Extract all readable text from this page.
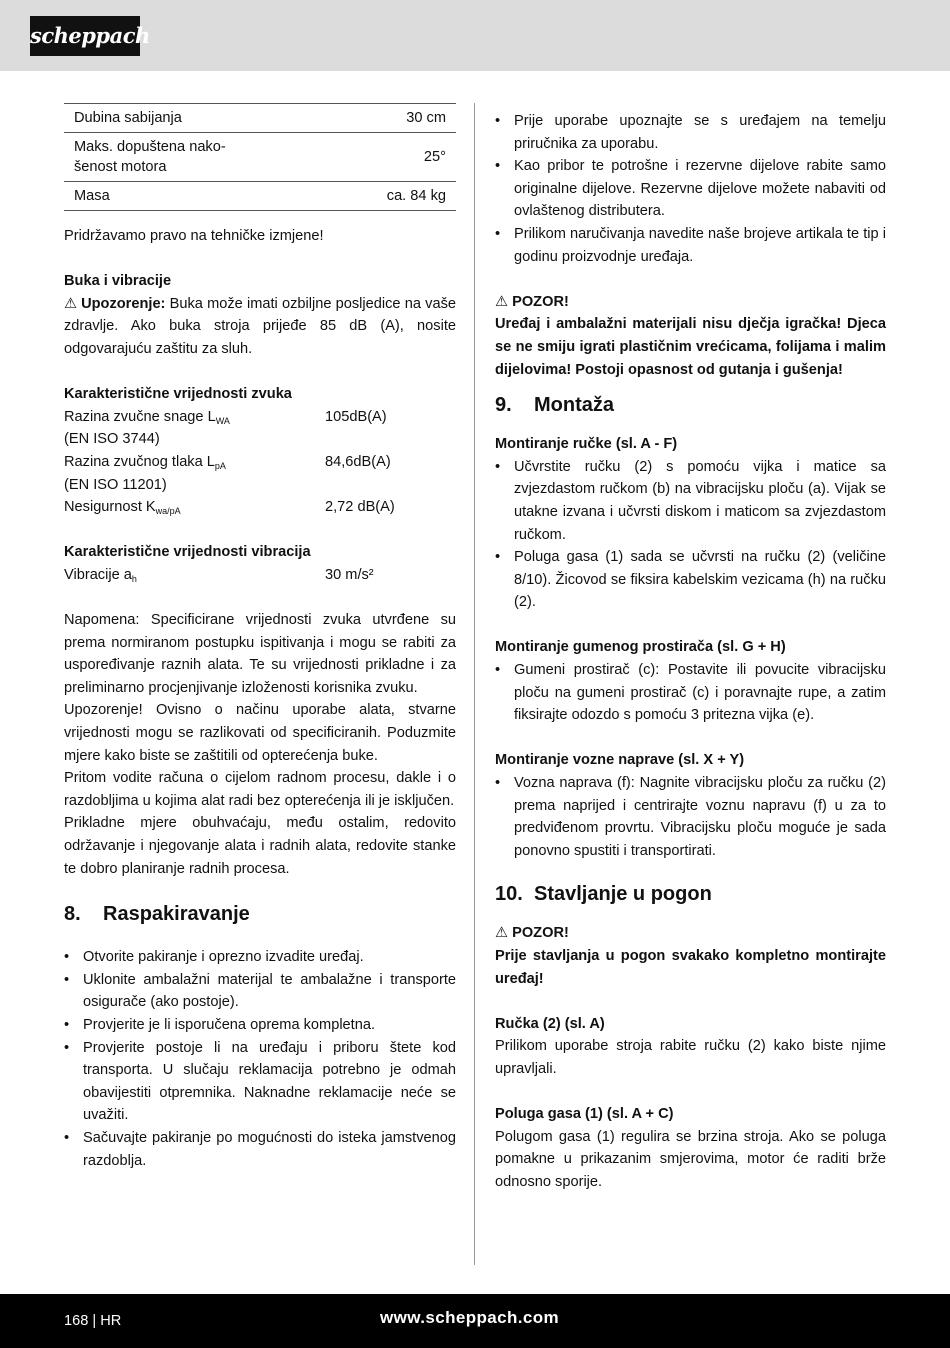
scheppach
Dubina sabijanja	30 cm
Maks. dopuštena nako-
šenost motora	25°
Masa	ca. 84 kg

Pridržavamo pravo na tehničke izmjene!

Buka i vibracije

⚠ Upozorenje: Buka može imati ozbiljne posljedice na vaše zdravlje. Ako buka stroja prijeđe 85 dB (A), nosite odgovarajuću zaštitu za sluh.

Karakteristične vrijednosti zvuka

Razina zvučne snage $L_{WA}$	105dB(A)

(EN ISO 3744)

Razina zvučnog tlaka $L_{pA}$	84,6dB(A)

(EN ISO 11201)

Nesigurnost $K_{wa/pA}$	2,72 dB(A)

Karakteristične vrijednosti vibracija

Vibracije $a_h$	30 m/s²

Napomena: Specificirane vrijednosti zvuka utvrđene su prema normiranom postupku ispitivanja i mogu se rabiti za uspoređivanje raznih alata. Te su vrijednosti prikladne i za preliminarno procjenjivanje izloženosti korisnika zvuku.

Upozorenje! Ovisno o načinu uporabe alata, stvarne vrijednosti mogu se razlikovati od specificiranih. Poduzmite mjere kako biste se zaštitili od opterećenja buke.

Pritom vodite računa o cijelom radnom procesu, dakle i o razdobljima u kojima alat radi bez opterećenja ili je isključen.

Prikladne mjere obuhvaćaju, među ostalim, redovito održavanje i njegovanje alata i radnih alata, redovite stanke te dobro planiranje radnih procesa.

8.	Raspakiravanje
• Otvorite pakiranje i oprezno izvadite uređaj.
• Uklonite ambalažni materijal te ambalažne i transporte osigurače (ako postoje).
• Provjerite je li isporučena oprema kompletna.
• Provjerite postoje li na uređaju i priboru štete kod transporta. U slučaju reklamacija potrebno je odmah obavijestiti otpremnika. Naknadne reklamacije neće se uvažiti.
• Sačuvajte pakiranje po mogućnosti do isteka jamstvenog razdoblja.
• Prije uporabe upoznajte se s uređajem na temelju priručnika za uporabu.
• Kao pribor te potrošne i rezervne dijelove rabite samo originalne dijelove. Rezervne dijelove možete nabaviti od ovlaštenog distributera.
• Prilikom naručivanja navedite naše brojeve artikala te tip i godinu proizvodnje uređaja.

⚠ POZOR!

Uređaj i ambalažni materijali nisu dječja igračka! Djeca se ne smiju igrati plastičnim vrećicama, folijama i malim dijelovima! Postoji opasnost od gutanja i gušenja!

9.	Montaža

Montiranje ručke (sl. A - F)

• Učvrstite ručku (2) s pomoću vijka i matice sa zvjezdastom ručkom (b) na vibracijsku ploču (a). Vijak se utakne izvana i učvrsti diskom i maticom sa zvjezdastom ručkom.
• Poluga gasa (1) sada se učvrsti na ručku (2) (veličine 8/10). Žicovod se fiksira kabelskim vezicama (h) na ručku (2).

Montiranje gumenog prostirača (sl. G + H)

• Gumeni prostirač (c): Postavite ili povucite vibracijsku ploču na gumeni prostirač (c) i poravnajte rupe, a zatim fiksirajte odozdo s pomoću 3 pritezna vijka (e).

Montiranje vozne naprave (sl. X + Y)

• Vozna naprava (f): Nagnite vibracijsku ploču za ručku (2) prema naprijed i centrirajte voznu napravu (f) u za to predviđenom provrtu. Vibracijsku ploču moguće je sada ponovno spustiti i transportirati.
10. Stavljanje u pogon

⚠ POZOR!

Prije stavljanja u pogon svakako kompletno montirajte uređaj!

Ručka (2) (sl. A)

Prilikom uporabe stroja rabite ručku (2) kako biste njime upravljali.

Poluga gasa (1) (sl. A + C)

Polugom gasa (1) regulira se brzina stroja. Ako se poluga pomakne u prikazanim smjerovima, motor će raditi brže odnosno sporije.

168 | HR	www.scheppach.com
